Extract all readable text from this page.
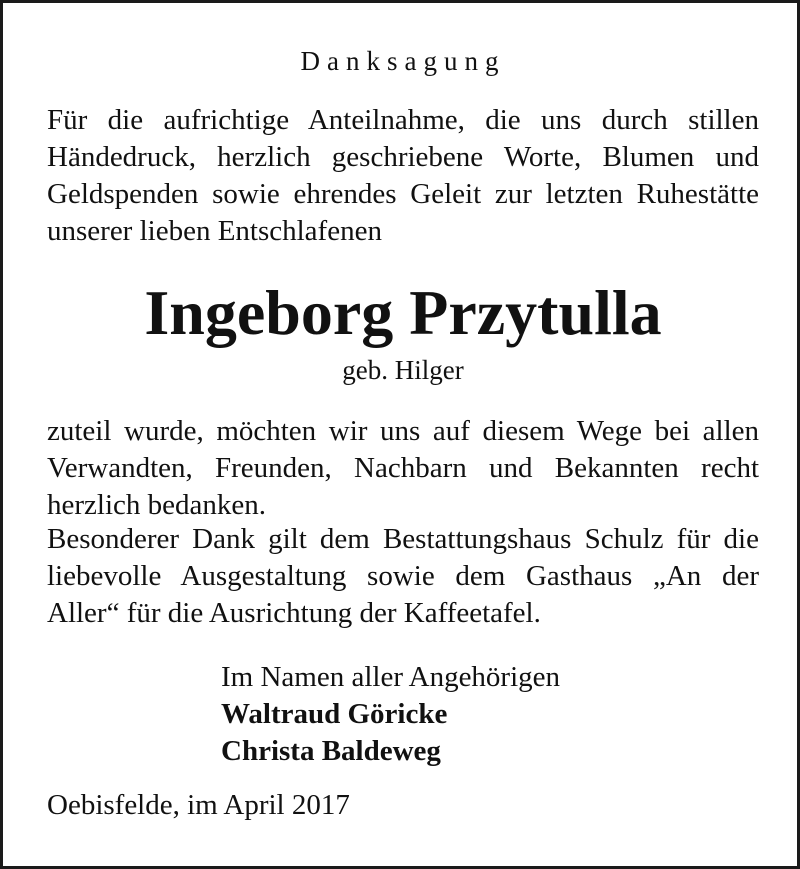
Danksagung
Für die aufrichtige Anteilnahme, die uns durch stillen
Händedruck, herzlich geschriebene Worte, Blumen und
Geldspenden sowie ehrendes Geleit zur letzten Ruhestätte
unserer lieben Entschlafenen
Ingeborg Przytulla
geb. Hilger
zuteil wurde, möchten wir uns auf diesem Wege bei allen
Verwandten, Freunden, Nachbarn und Bekannten recht
herzlich bedanken.
Besonderer Dank gilt dem Bestattungshaus Schulz für die
liebevolle Ausgestaltung sowie dem Gasthaus „An der
Aller“ für die Ausrichtung der Kaffeetafel.
Im Namen aller Angehörigen
Waltraud Göricke
Christa Baldeweg
Oebisfelde, im April 2017
